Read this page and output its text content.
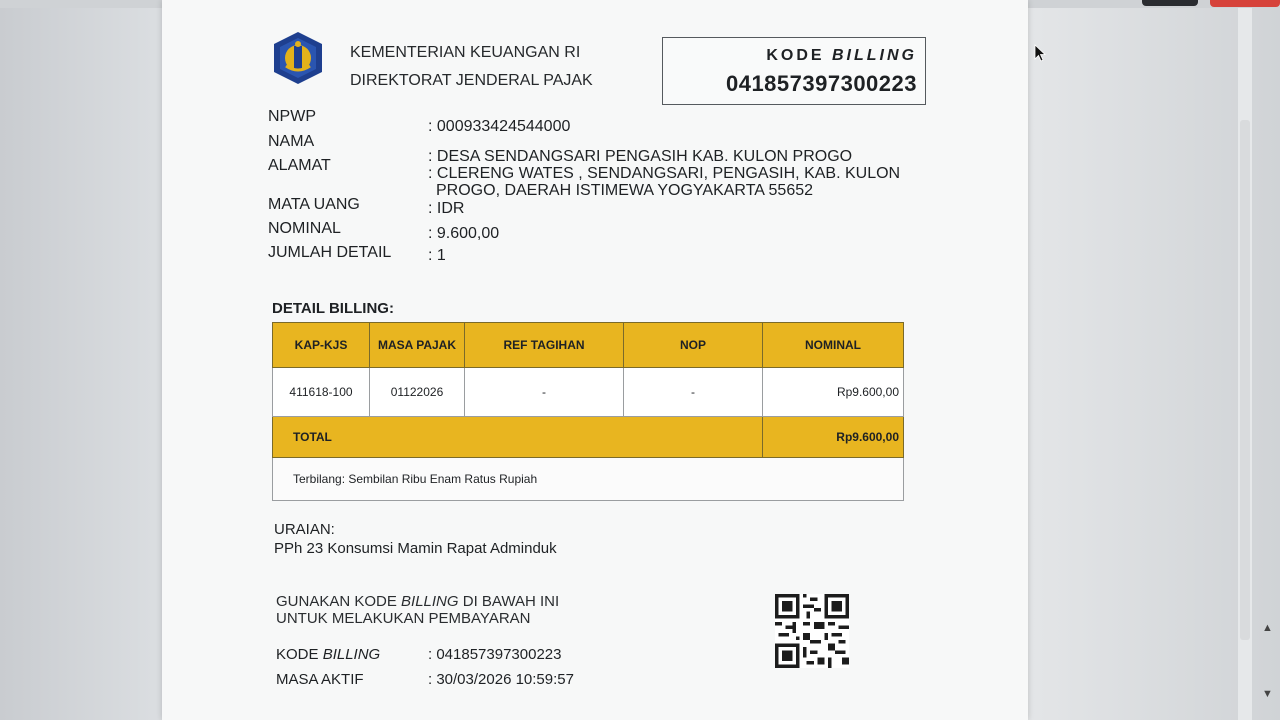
KEMENTERIAN KEUANGAN RI
DIREKTORAT JENDERAL PAJAK
KODE BILLING
041857397300223
NPWP
: 000933424544000
NAMA
: DESA SENDANGSARI PENGASIH KAB. KULON PROGO
ALAMAT	: CLERENG WATES , SENDANGSARI, PENGASIH, KAB. KULON
PROGO, DAERAH ISTIMEWA YOGYAKARTA 55652
MATA UANG	: IDR
NOMINAL	: 9.600,00
JUMLAH DETAIL : 1
DETAIL BILLING:
KAP-KJS	MASA PAJAK	REF TAGIHAN	NOP	NOMINAL
411618-100	01122026	-	-	Rp9.600,00
TOTAL				Rp9.600,00
Terbilang: Sembilan Ribu Enam Ratus Rupiah				
URAIAN:
PPh 23 Konsumsi Mamin Rapat Adminduk
GUNAKAN KODE BILLING DI BAWAH INI
UNTUK MELAKUKAN PEMBAYARAN
KODE BILLING	: 041857397300223
MASA AKTIF	: 30/03/2026 10:59:57
▲
▼
